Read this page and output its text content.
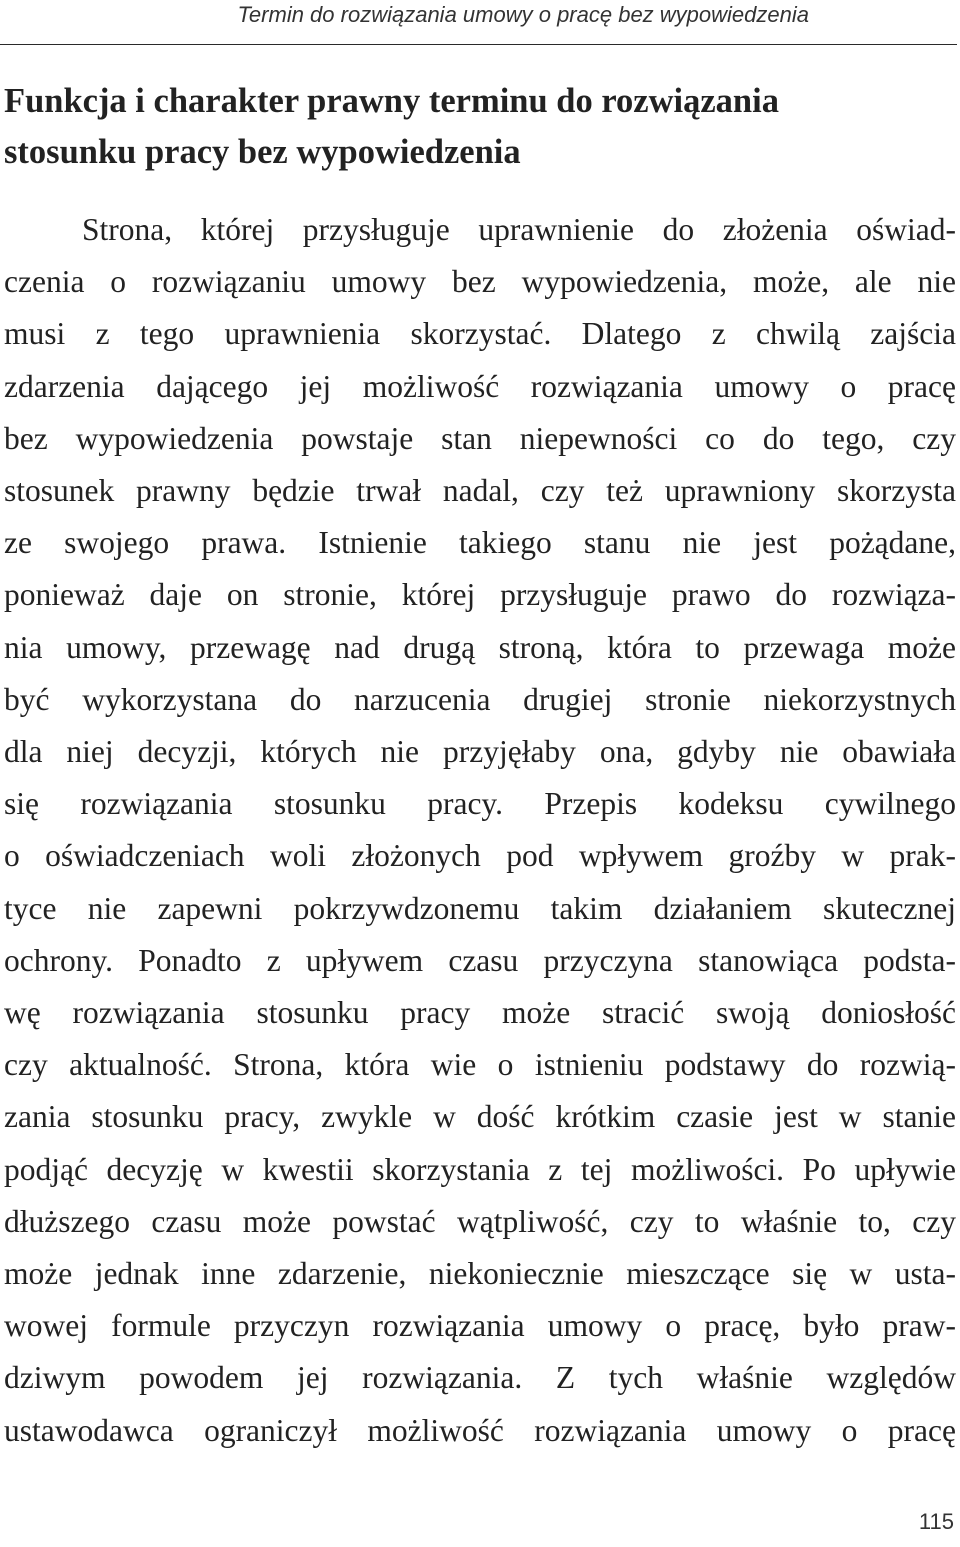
Termin do rozwiązania umowy o pracę bez wypowiedzenia
Funkcja i charakter prawny terminu do rozwiązania
stosunku pracy bez wypowiedzenia
Strona, której przysługuje uprawnienie do złożenia oświad-
czenia o rozwiązaniu umowy bez wypowiedzenia, może, ale nie
musi z tego uprawnienia skorzystać. Dlatego z chwilą zajścia
zdarzenia dającego jej możliwość rozwiązania umowy o pracę
bez wypowiedzenia powstaje stan niepewności co do tego, czy
stosunek prawny będzie trwał nadal, czy też uprawniony skorzysta
ze swojego prawa. Istnienie takiego stanu nie jest pożądane,
ponieważ daje on stronie, której przysługuje prawo do rozwiąza-
nia umowy, przewagę nad drugą stroną, która to przewaga może
być wykorzystana do narzucenia drugiej stronie niekorzystnych
dla niej decyzji, których nie przyjęłaby ona, gdyby nie obawiała
się rozwiązania stosunku pracy. Przepis kodeksu cywilnego
o oświadczeniach woli złożonych pod wpływem groźby w prak-
tyce nie zapewni pokrzywdzonemu takim działaniem skutecznej
ochrony. Ponadto z upływem czasu przyczyna stanowiąca podsta-
wę rozwiązania stosunku pracy może stracić swoją doniosłość
czy aktualność. Strona, która wie o istnieniu podstawy do rozwią-
zania stosunku pracy, zwykle w dość krótkim czasie jest w stanie
podjąć decyzję w kwestii skorzystania z tej możliwości. Po upływie
dłuższego czasu może powstać wątpliwość, czy to właśnie to, czy
może jednak inne zdarzenie, niekoniecznie mieszczące się w usta-
wowej formule przyczyn rozwiązania umowy o pracę, było praw-
dziwym powodem jej rozwiązania. Z tych właśnie względów
ustawodawca ograniczył możliwość rozwiązania umowy o pracę
115
